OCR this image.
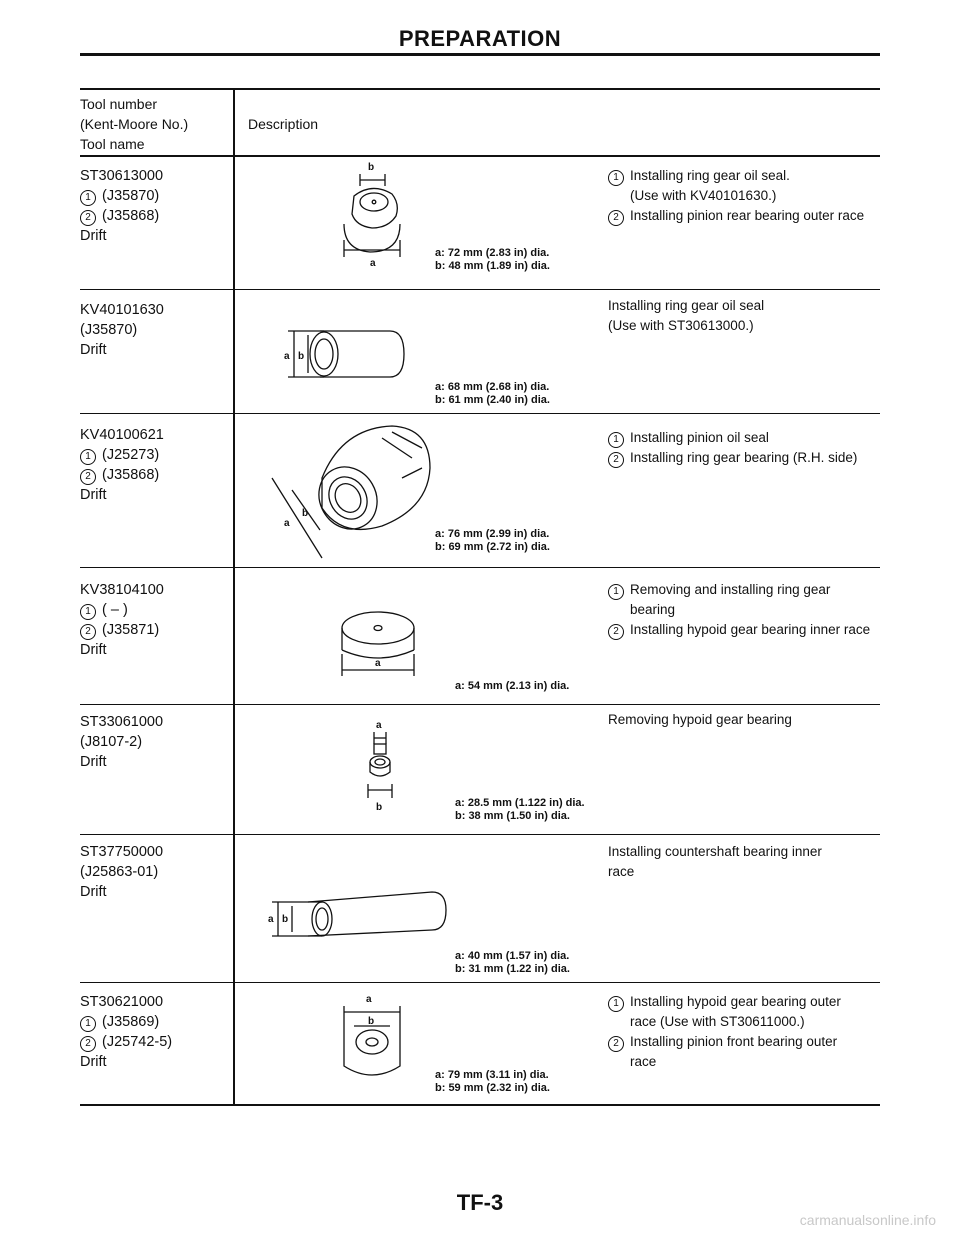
PREPARATION
Tool number
(Kent-Moore No.)
Tool name
Description
ST30613000
1 (J35870)
2 (J35868)
Drift
b
a
a: 72 mm (2.83 in) dia.
b: 48 mm (1.89 in) dia.
1 Installing ring gear oil seal.
(Use with KV40101630.)
2 Installing pinion rear bearing outer race
KV40101630
(J35870)
Drift	a b
a: 68 mm (2.68 in) dia.
b: 61 mm (2.40 in) dia.
Installing ring gear oil seal
(Use with ST30613000.)
KV40100621
1 (J25273)
2 (J35868)
Drift
b
a
a: 76 mm (2.99 in) dia.
b: 69 mm (2.72 in) dia.
1 Installing pinion oil seal
2 Installing ring gear bearing (R.H. side)
KV38104100
1 ( – )
2 (J35871)
Drift
a
a: 54 mm (2.13 in) dia.
1 Removing and installing ring gear
bearing
2 Installing hypoid gear bearing inner race
ST33061000
(J8107-2)
Drift
a
b	a: 28.5 mm (1.122 in) dia.
b: 38 mm (1.50 in) dia.
Removing hypoid gear bearing
ST37750000
(J25863-01)
Drift
a b
a: 40 mm (1.57 in) dia.
b: 31 mm (1.22 in) dia.
Installing countershaft bearing inner
race
ST30621000
1 (J35869)
2 (J25742-5)
Drift
a
b
a: 79 mm (3.11 in) dia.
b: 59 mm (2.32 in) dia.
1 Installing hypoid gear bearing outer
race (Use with ST30611000.)
2 Installing pinion front bearing outer
race
TF-3
carmanualsonline.info
